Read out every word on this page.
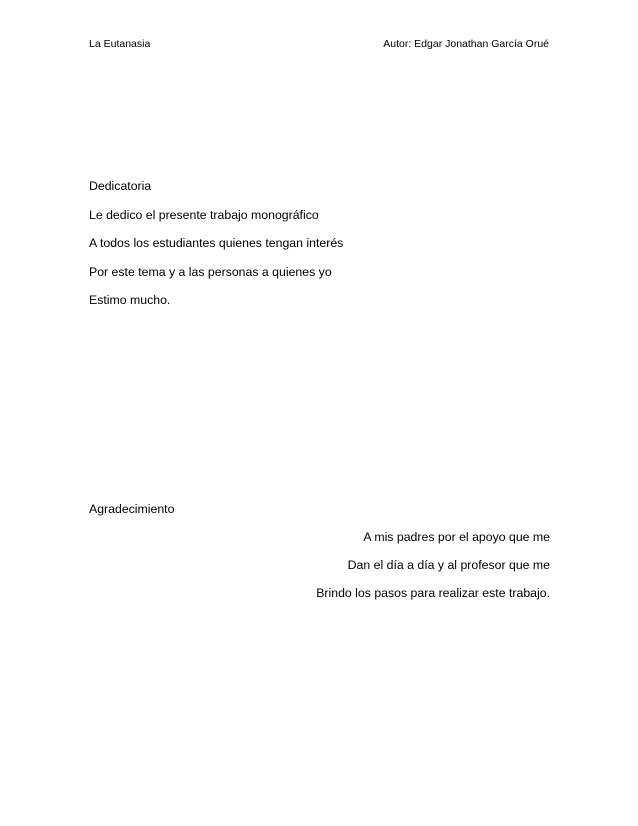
La Eutanasia	Autor: Edgar Jonathan García Orué
Dedicatoria
Le dedico el presente trabajo monográfico
A todos los estudiantes quienes tengan interés
Por este tema y a las personas a quienes yo
Estimo mucho.
Agradecimiento
A mis padres por el apoyo que me
Dan el día a día y al profesor que me
Brindo los pasos para realizar este trabajo.
